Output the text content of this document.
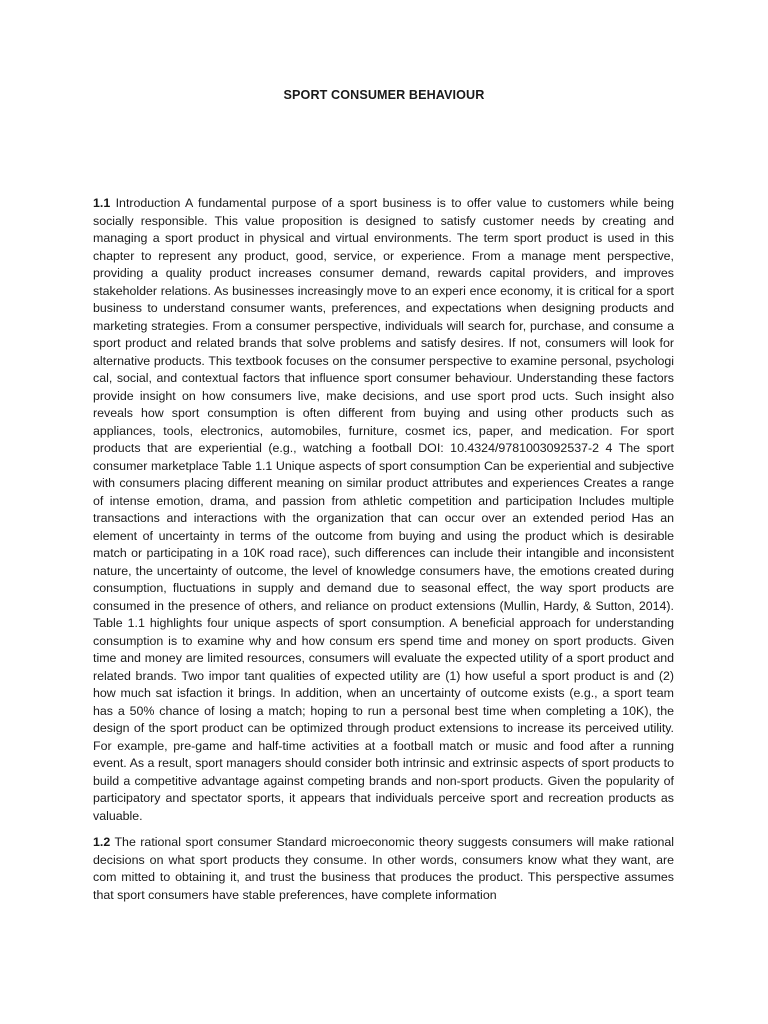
SPORT CONSUMER BEHAVIOUR

1.1 Introduction A fundamental purpose of a sport business is to offer value to customers while being socially responsible. This value proposition is designed to satisfy customer needs by creating and managing a sport product in physical and virtual environments. The term sport product is used in this chapter to represent any product, good, service, or experience. From a manage ment perspective, providing a quality product increases consumer demand, rewards capital providers, and improves stakeholder relations. As businesses increasingly move to an experi ence economy, it is critical for a sport business to understand consumer wants, preferences, and expectations when designing products and marketing strategies. From a consumer perspective, individuals will search for, purchase, and consume a sport product and related brands that solve problems and satisfy desires. If not, consumers will look for alternative products. This textbook focuses on the consumer perspective to examine personal, psychologi cal, social, and contextual factors that influence sport consumer behaviour. Understanding these factors provide insight on how consumers live, make decisions, and use sport prod ucts. Such insight also reveals how sport consumption is often different from buying and using other products such as appliances, tools, electronics, automobiles, furniture, cosmet ics, paper, and medication. For sport products that are experiential (e.g., watching a football DOI: 10.4324/9781003092537-2 4 The sport consumer marketplace Table 1.1 Unique aspects of sport consumption Can be experiential and subjective with consumers placing different meaning on similar product attributes and experiences Creates a range of intense emotion, drama, and passion from athletic competition and participation Includes multiple transactions and interactions with the organization that can occur over an extended period Has an element of uncertainty in terms of the outcome from buying and using the product which is desirable match or participating in a 10K road race), such differences can include their intangible and inconsistent nature, the uncertainty of outcome, the level of knowledge consumers have, the emotions created during consumption, fluctuations in supply and demand due to seasonal effect, the way sport products are consumed in the presence of others, and reliance on product extensions (Mullin, Hardy, & Sutton, 2014). Table 1.1 highlights four unique aspects of sport consumption. A beneficial approach for understanding consumption is to examine why and how consum ers spend time and money on sport products. Given time and money are limited resources, consumers will evaluate the expected utility of a sport product and related brands. Two impor tant qualities of expected utility are (1) how useful a sport product is and (2) how much sat isfaction it brings. In addition, when an uncertainty of outcome exists (e.g., a sport team has a 50% chance of losing a match; hoping to run a personal best time when completing a 10K), the design of the sport product can be optimized through product extensions to increase its perceived utility. For example, pre-game and half-time activities at a football match or music and food after a running event. As a result, sport managers should consider both intrinsic and extrinsic aspects of sport products to build a competitive advantage against competing brands and non-sport products. Given the popularity of participatory and spectator sports, it appears that individuals perceive sport and recreation products as valuable.

1.2 The rational sport consumer Standard microeconomic theory suggests consumers will make rational decisions on what sport products they consume. In other words, consumers know what they want, are com mitted to obtaining it, and trust the business that produces the product. This perspective assumes that sport consumers have stable preferences, have complete information
